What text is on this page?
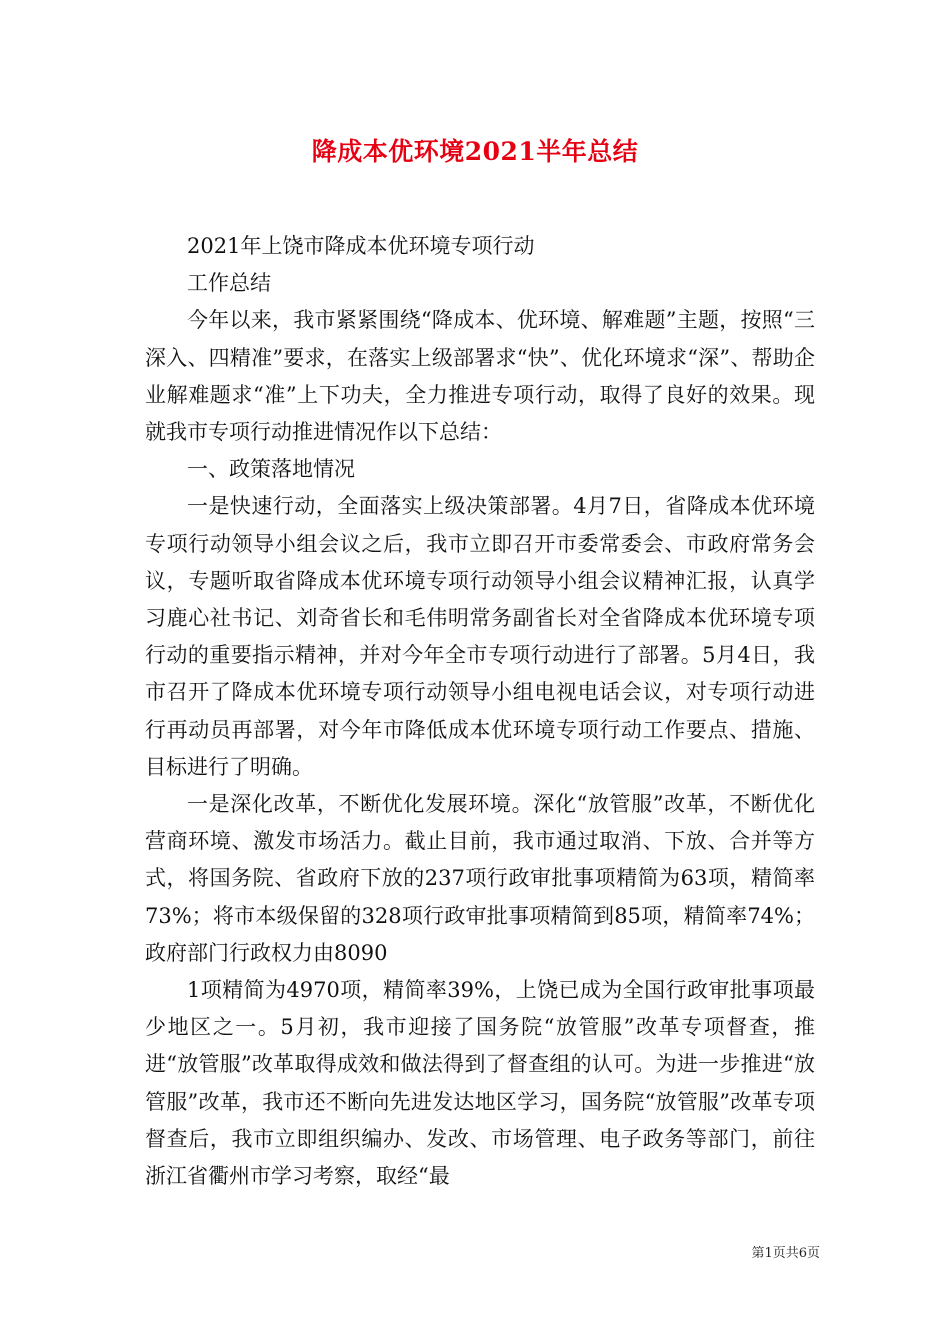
降成本优环境2021半年总结

2021年上饶市降成本优环境专项行动

工作总结

今年以来，我市紧紧围绕“降成本、优环境、解难题”主题，按照“三深入、四精准”要求，在落实上级部署求“快”、优化环境求“深”、帮助企业解难题求“准”上下功夫，全力推进专项行动，取得了良好的效果。现就我市专项行动推进情况作以下总结：

一、政策落地情况

一是快速行动，全面落实上级决策部署。4月7日，省降成本优环境专项行动领导小组会议之后，我市立即召开市委常委会、市政府常务会议，专题听取省降成本优环境专项行动领导小组会议精神汇报，认真学习鹿心社书记、刘奇省长和毛伟明常务副省长对全省降成本优环境专项行动的重要指示精神，并对今年全市专项行动进行了部署。5月4日，我市召开了降成本优环境专项行动领导小组电视电话会议，对专项行动进行再动员再部署，对今年市降低成本优环境专项行动工作要点、措施、目标进行了明确。

一是深化改革，不断优化发展环境。深化“放管服”改革，不断优化营商环境、激发市场活力。截止目前，我市通过取消、下放、合并等方式，将国务院、省政府下放的237项行政审批事项精简为63项，精简率73%；将市本级保留的328项行政审批事项精简到85项，精简率74%；政府部门行政权力由8090

1项精简为4970项，精简率39%，上饶已成为全国行政审批事项最少地区之一。5月初，我市迎接了国务院“放管服”改革专项督查，推进“放管服”改革取得成效和做法得到了督查组的认可。为进一步推进“放管服”改革，我市还不断向先进发达地区学习，国务院“放管服”改革专项督查后，我市立即组织编办、发改、市场管理、电子政务等部门，前往浙江省衢州市学习考察，取经“最

第1页共6页
